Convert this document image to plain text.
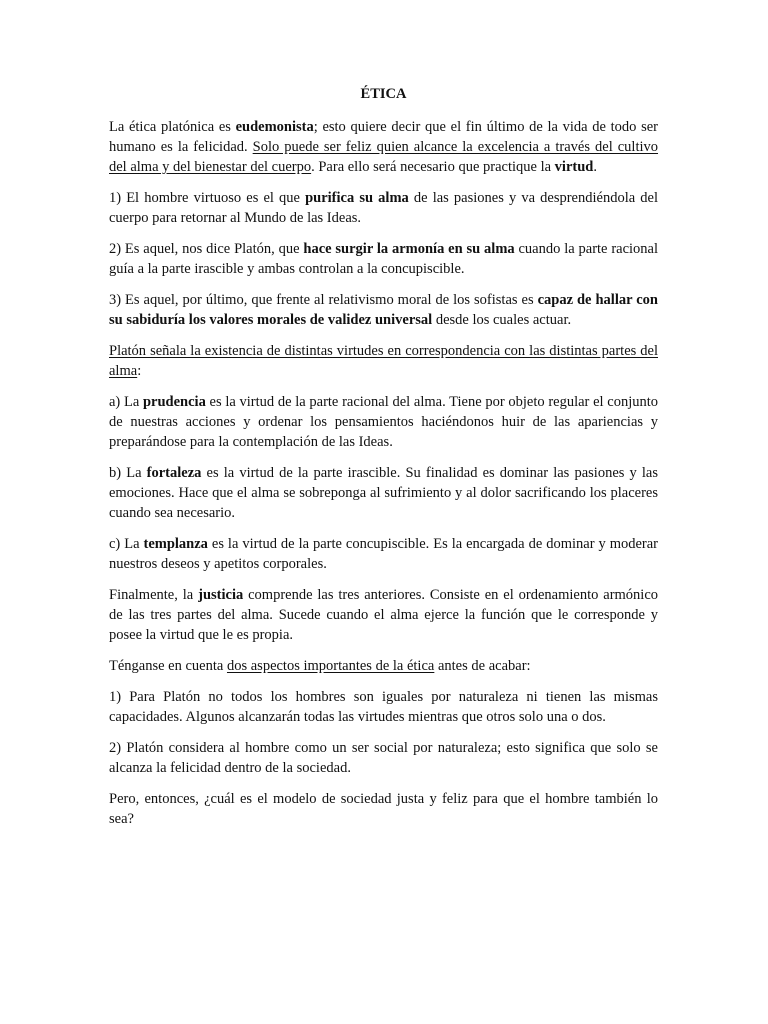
ÉTICA

La ética platónica es eudemonista; esto quiere decir que el fin último de la vida de todo ser humano es la felicidad. Solo puede ser feliz quien alcance la excelencia a través del cultivo del alma y del bienestar del cuerpo. Para ello será necesario que practique la virtud.

1) El hombre virtuoso es el que purifica su alma de las pasiones y va desprendiéndola del cuerpo para retornar al Mundo de las Ideas.

2) Es aquel, nos dice Platón, que hace surgir la armonía en su alma cuando la parte racional guía a la parte irascible y ambas controlan a la concupiscible.

3) Es aquel, por último, que frente al relativismo moral de los sofistas es capaz de hallar con su sabiduría los valores morales de validez universal desde los cuales actuar.

Platón señala la existencia de distintas virtudes en correspondencia con las distintas partes del alma:

a) La prudencia es la virtud de la parte racional del alma. Tiene por objeto regular el conjunto de nuestras acciones y ordenar los pensamientos haciéndonos huir de las apariencias y preparándose para la contemplación de las Ideas.

b) La fortaleza es la virtud de la parte irascible. Su finalidad es dominar las pasiones y las emociones. Hace que el alma se sobreponga al sufrimiento y al dolor sacrificando los placeres cuando sea necesario.

c) La templanza es la virtud de la parte concupiscible. Es la encargada de dominar y moderar nuestros deseos y apetitos corporales.

Finalmente, la justicia comprende las tres anteriores. Consiste en el ordenamiento armónico de las tres partes del alma. Sucede cuando el alma ejerce la función que le corresponde y posee la virtud que le es propia.

Ténganse en cuenta dos aspectos importantes de la ética antes de acabar:

1) Para Platón no todos los hombres son iguales por naturaleza ni tienen las mismas capacidades. Algunos alcanzarán todas las virtudes mientras que otros solo una o dos.

2) Platón considera al hombre como un ser social por naturaleza; esto significa que solo se alcanza la felicidad dentro de la sociedad.

Pero, entonces, ¿cuál es el modelo de sociedad justa y feliz para que el hombre también lo sea?
